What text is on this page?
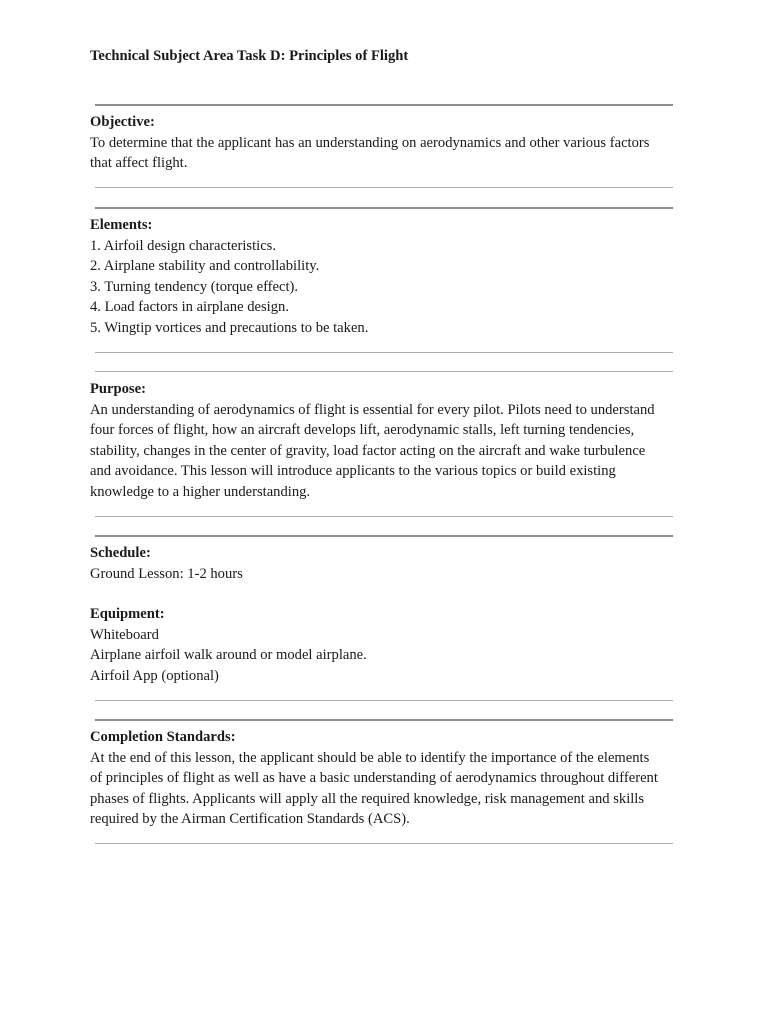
Technical Subject Area Task D: Principles of Flight
Objective:
To determine that the applicant has an understanding on aerodynamics and other various factors
that affect flight.
Elements:
1. Airfoil design characteristics.
2. Airplane stability and controllability.
3. Turning tendency (torque effect).
4. Load factors in airplane design.
5. Wingtip vortices and precautions to be taken.
Purpose:
An understanding of aerodynamics of flight is essential for every pilot. Pilots need to understand
four forces of flight, how an aircraft develops lift, aerodynamic stalls, left turning tendencies,
stability, changes in the center of gravity, load factor acting on the aircraft and wake turbulence
and avoidance. This lesson will introduce applicants to the various topics or build existing
knowledge to a higher understanding.
Schedule:
Ground Lesson: 1-2 hours
Equipment:
Whiteboard
Airplane airfoil walk around or model airplane.
Airfoil App (optional)
Completion Standards:
At the end of this lesson, the applicant should be able to identify the importance of the elements
of principles of flight as well as have a basic understanding of aerodynamics throughout different
phases of flights. Applicants will apply all the required knowledge, risk management and skills
required by the Airman Certification Standards (ACS).
